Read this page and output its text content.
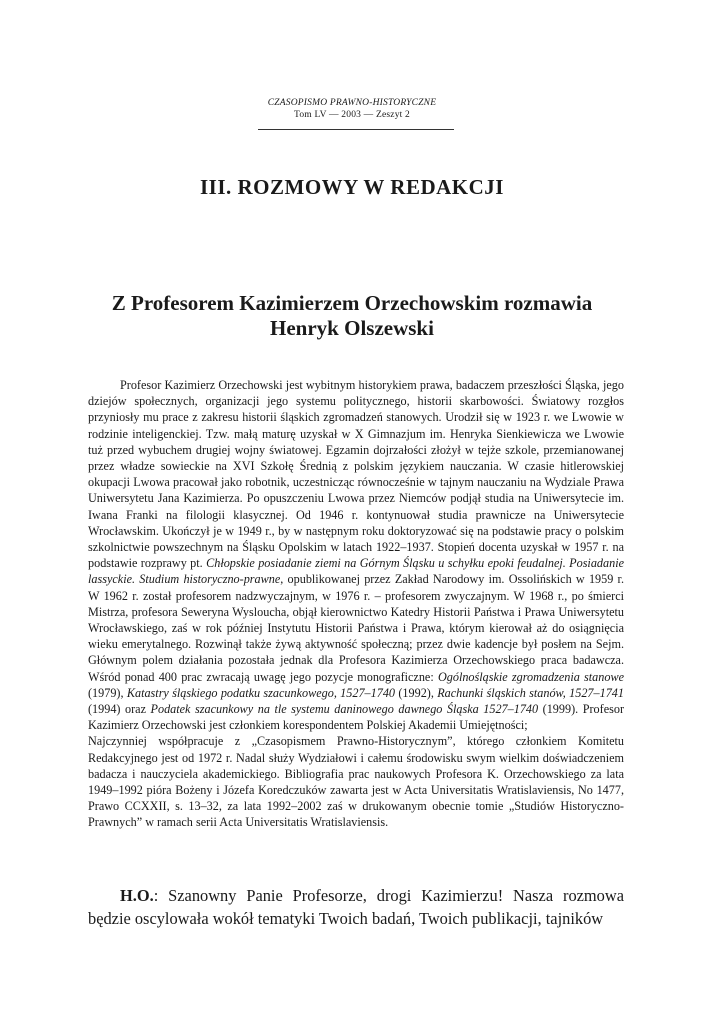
CZASOPISMO PRAWNO-HISTORYCZNE
Tom LV — 2003 — Zeszyt 2
III. ROZMOWY W REDAKCJI
Z Profesorem Kazimierzem Orzechowskim rozmawia
Henryk Olszewski

Profesor Kazimierz Orzechowski jest wybitnym historykiem prawa, badaczem przeszłości Śląska, jego dziejów społecznych, organizacji jego systemu politycznego, historii skarbowości. Światowy rozgłos przyniosły mu prace z zakresu historii śląskich zgromadzeń stanowych. Urodził się w 1923 r. we Lwowie w rodzinie inteligenckiej. Tzw. małą maturę uzyskał w X Gimnazjum im. Henryka Sienkiewicza we Lwowie tuż przed wybuchem drugiej wojny światowej. Egzamin dojrzałości złożył w tejże szkole, przemianowanej przez władze sowieckie na XVI Szkołę Średnią z polskim językiem nauczania. W czasie hitlerowskiej okupacji Lwowa pracował jako robotnik, uczestnicząc równocześnie w tajnym nauczaniu na Wydziale Prawa Uniwersytetu Jana Kazimierza. Po opuszczeniu Lwowa przez Niemców podjął studia na Uniwersytecie im. Iwana Franki na filologii klasycznej. Od 1946 r. kontynuował studia prawnicze na Uniwersytecie Wrocławskim. Ukończył je w 1949 r., by w następnym roku doktoryzować się na podstawie pracy o polskim szkolnictwie powszechnym na Śląsku Opolskim w latach 1922–1937. Stopień docenta uzyskał w 1957 r. na podstawie rozprawy pt. Chłopskie posiadanie ziemi na Górnym Śląsku u schyłku epoki feudalnej. Posiadanie lassyckie. Studium historyczno-prawne, opublikowanej przez Zakład Narodowy im. Ossolińskich w 1959 r. W 1962 r. został profesorem nadzwyczajnym, w 1976 r. – profesorem zwyczajnym. W 1968 r., po śmierci Mistrza, profesora Seweryna Wysloucha, objął kierownictwo Katedry Historii Państwa i Prawa Uniwersytetu Wrocławskiego, zaś w rok później Instytutu Historii Państwa i Prawa, którym kierował aż do osiągnięcia wieku emerytalnego. Rozwinął także żywą aktywność społeczną; przez dwie kadencje był posłem na Sejm. Głównym polem działania pozostała jednak dla Profesora Kazimierza Orzechowskiego praca badawcza. Wśród ponad 400 prac zwracają uwagę jego pozycje monograficzne: Ogólnośląskie zgromadzenia stanowe (1979), Katastry śląskiego podatku szacunkowego, 1527–1740 (1992), Rachunki śląskich stanów, 1527–1741 (1994) oraz Podatek szacunkowy na tle systemu daninowego dawnego Śląska 1527–1740 (1999). Profesor Kazimierz Orzechowski jest członkiem korespondentem Polskiej Akademii Umiejętności;

Najczynniej współpracuje z „Czasopismem Prawno-Historycznym”, którego członkiem Komitetu Redakcyjnego jest od 1972 r. Nadal służy Wydziałowi i całemu środowisku swym wielkim doświadczeniem badacza i nauczyciela akademickiego. Bibliografia prac naukowych Profesora K. Orzechowskiego za lata 1949–1992 pióra Bożeny i Józefa Koredczuków zawarta jest w Acta Universitatis Wratislaviensis, No 1477, Prawo CCXXII, s. 13–32, za lata 1992–2002 zaś w drukowanym obecnie tomie „Studiów Historyczno-Prawnych” w ramach serii Acta Universitatis Wratislaviensis.

H.O.: Szanowny Panie Profesorze, drogi Kazimierzu! Nasza rozmowa będzie oscylowała wokół tematyki Twoich badań, Twoich publikacji, tajników
